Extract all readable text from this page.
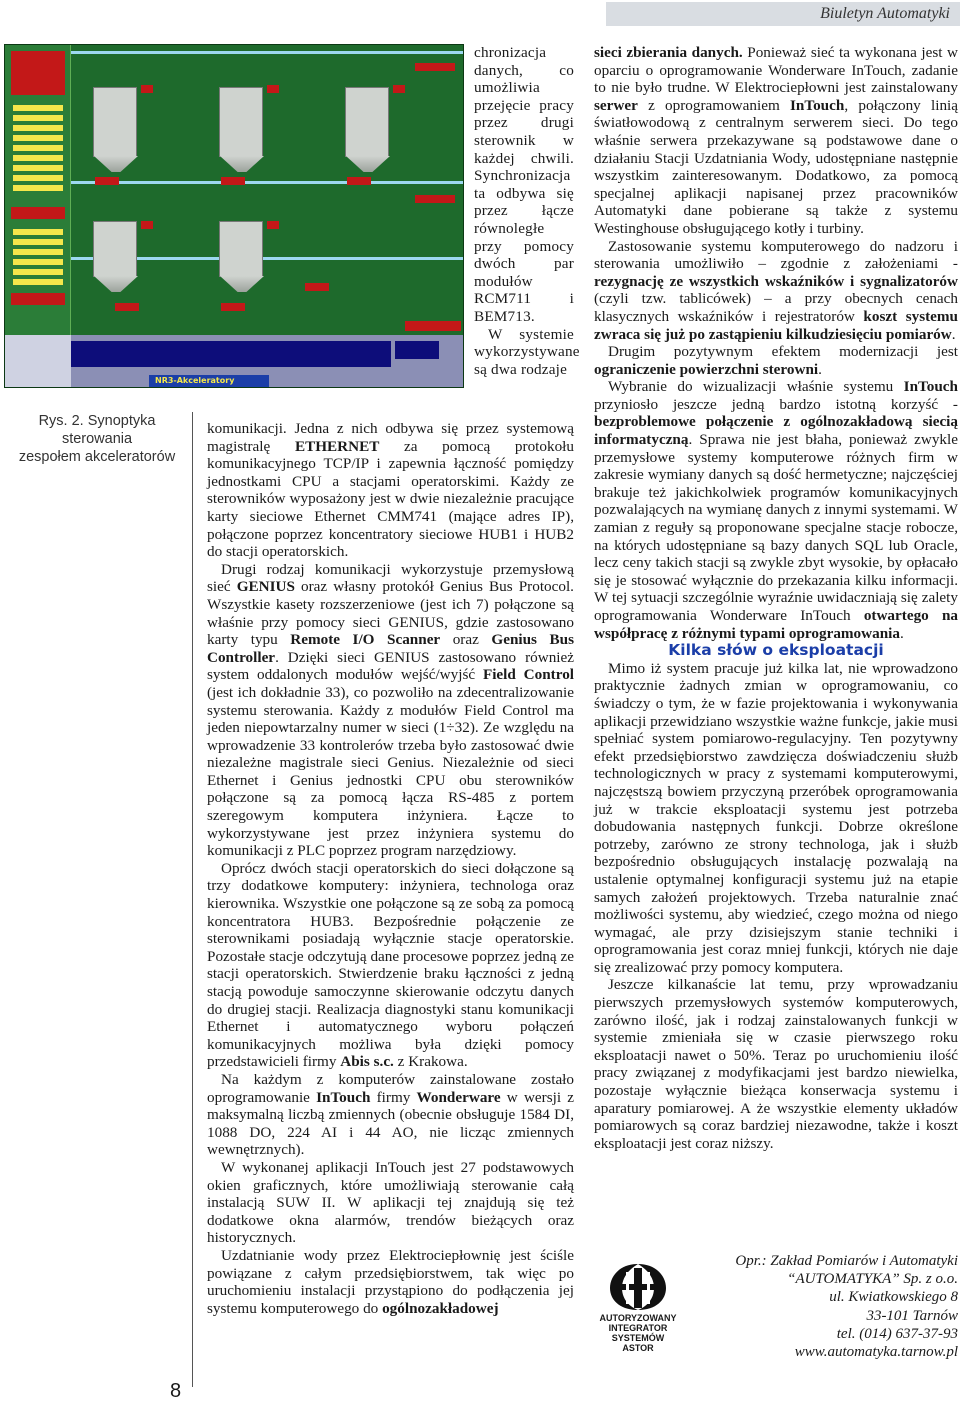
Biuletyn Automatyki
NR3-Akceleratory
Rys. 2. Synoptyka sterowania
zespołem akceleratorów

chronizacja danych, co umożliwia przejęcie pracy przez drugi sterownik w każdej chwili. Synchronizacja ta odbywa się przez łącze równoległe przy pomocy dwóch par modułów RCM711 i BEM713.

W systemie wykorzystywane są dwa rodzaje

komunikacji. Jedna z nich odbywa się przez systemową magistralę ETHERNET za pomocą protokołu komunikacyjnego TCP/IP i zapewnia łączność pomiędzy jednostkami CPU a stacjami operatorskimi. Każdy ze sterowników wyposażony jest w dwie niezależnie pracujące karty sieciowe Ethernet CMM741 (mające adres IP), połączone poprzez koncentratory sieciowe HUB1 i HUB2 do stacji operatorskich.

Drugi rodzaj komunikacji wykorzystuje przemysłową sieć GENIUS oraz własny protokół Genius Bus Protocol. Wszystkie kasety rozszerzeniowe (jest ich 7) połączone są właśnie przy pomocy sieci GENIUS, gdzie zastosowano karty typu Remote I/O Scanner oraz Genius Bus Controller. Dzięki sieci GENIUS zastosowano również system oddalonych modułów wejść/wyjść Field Control (jest ich dokładnie 33), co pozwoliło na zdecentralizowanie systemu sterowania. Każdy z modułów Field Control ma jeden niepowtarzalny numer w sieci (1÷32). Ze względu na wprowadzenie 33 kontrolerów trzeba było zastosować dwie niezależne magistrale sieci Genius. Niezależnie od sieci Ethernet i Genius jednostki CPU obu sterowników połączone są za pomocą łącza RS-485 z portem szeregowym komputera inżyniera. Łącze to wykorzystywane jest przez inżyniera systemu do komunikacji z PLC poprzez program narzędziowy.

Oprócz dwóch stacji operatorskich do sieci dołączone są trzy dodatkowe komputery: inżyniera, technologa oraz kierownika. Wszystkie one połączone są ze sobą za pomocą koncentratora HUB3. Bezpośrednie połączenie ze sterownikami posiadają wyłącznie stacje operatorskie. Pozostałe stacje odczytują dane procesowe poprzez jedną ze stacji operatorskich. Stwierdzenie braku łączności z jedną stacją powoduje samoczynne skierowanie odczytu danych do drugiej stacji. Realizacja diagnostyki stanu komunikacji Ethernet i automatycznego wyboru połączeń komunikacyjnych możliwa była dzięki pomocy przedstawicieli firmy Abis s.c. z Krakowa.

Na każdym z komputerów zainstalowane zostało oprogramowanie InTouch firmy Wonderware w wersji z maksymalną liczbą zmiennych (obecnie obsługuje 1584 DI, 1088 DO, 224 AI i 44 AO, nie licząc zmiennych wewnętrznych).

W wykonanej aplikacji InTouch jest 27 podstawowych okien graficznych, które umożliwiają sterowanie całą instalacją SUW II. W aplikacji tej znajdują się też dodatkowe okna alarmów, trendów bieżących oraz historycznych.

Uzdatnianie wody przez Elektrociepłownię jest ściśle powiązane z całym przedsiębiorstwem, tak więc po uruchomieniu instalacji przystąpiono do podłączenia jej systemu komputerowego do ogólnozakładowej

sieci zbierania danych. Ponieważ sieć ta wykonana jest w oparciu o oprogramowanie Wonderware InTouch, zadanie to nie było trudne. W Elektrociepłowni jest zainstalowany serwer z oprogramowaniem InTouch, połączony linią światłowodową z centralnym serwerem sieci. Do tego właśnie serwera przekazywane są podstawowe dane o działaniu Stacji Uzdatniania Wody, udostępniane następnie wszystkim zainteresowanym. Dodatkowo, za pomocą specjalnej aplikacji napisanej przez pracowników Automatyki dane pobierane są także z systemu Westinghouse obsługującego kotły i turbiny.

Zastosowanie systemu komputerowego do nadzoru i sterowania umożliwiło – zgodnie z założeniami - rezygnację ze wszystkich wskaźników i sygnalizatorów (czyli tzw. tablicówek) – a przy obecnych cenach klasycznych wskaźników i rejestratorów koszt systemu zwraca się już po zastąpieniu kilkudziesięciu pomiarów.

Drugim pozytywnym efektem modernizacji jest ograniczenie powierzchni sterowni.

Wybranie do wizualizacji właśnie systemu InTouch przyniosło jeszcze jedną bardzo istotną korzyść - bezproblemowe połączenie z ogólnozakładową siecią informatyczną. Sprawa nie jest błaha, ponieważ zwykle przemysłowe systemy komputerowe różnych firm w zakresie wymiany danych są dość hermetyczne; najczęściej brakuje też jakichkolwiek programów komunikacyjnych pozwalających na wymianę danych z innymi systemami. W zamian z reguły są proponowane specjalne stacje robocze, na których udostępniane są bazy danych SQL lub Oracle, lecz ceny takich stacji są zwykle zbyt wysokie, by opłacało się je stosować wyłącznie do przekazania kilku informacji. W tej sytuacji szczególnie wyraźnie uwidaczniają się zalety oprogramowania Wonderware InTouch otwartego na współpracę z różnymi typami oprogramowania.

Kilka słów o eksploatacji

Mimo iż system pracuje już kilka lat, nie wprowadzono praktycznie żadnych zmian w oprogramowaniu, co świadczy o tym, że w fazie projektowania i wykonywania aplikacji przewidziano wszystkie ważne funkcje, jakie musi spełniać system pomiarowo-regulacyjny. Ten pozytywny efekt przedsiębiorstwo zawdzięcza doświadczeniu służb technologicznych w pracy z systemami komputerowymi, najczęstszą bowiem przyczyną przeróbek oprogramowania już w trakcie eksploatacji systemu jest potrzeba dobudowania następnych funkcji. Dobrze określone potrzeby, zarówno ze strony technologa, jak i służb bezpośrednio obsługujących instalację pozwalają na ustalenie optymalnej konfiguracji systemu już na etapie samych założeń projektowych. Trzeba naturalnie znać możliwości systemu, aby wiedzieć, czego można od niego wymagać, ale przy dzisiejszym stanie techniki i oprogramowania jest coraz mniej funkcji, których nie daje się zrealizować przy pomocy komputera.

Jeszcze kilkanaście lat temu, przy wprowadzaniu pierwszych przemysłowych systemów komputerowych, zarówno ilość, jak i rodzaj zainstalowanych funkcji w systemie zmieniała się w czasie pierwszego roku eksploatacji nawet o 50%. Teraz po uruchomieniu ilość pracy związanej z modyfikacjami jest bardzo niewielka, pozostaje wyłącznie bieżąca konserwacja systemu i aparatury pomiarowej. A że wszystkie elementy układów pomiarowych są coraz bardziej niezawodne, także i koszt eksploatacji jest coraz niższy.

AUTORYZOWANY
INTEGRATOR
SYSTEMÓW
ASTOR
Opr.: Zakład Pomiarów i Automatyki
“AUTOMATYKA” Sp. z o.o.
ul. Kwiatkowskiego 8
33-101 Tarnów
tel. (014) 637-37-93
www.automatyka.tarnow.pl
8
